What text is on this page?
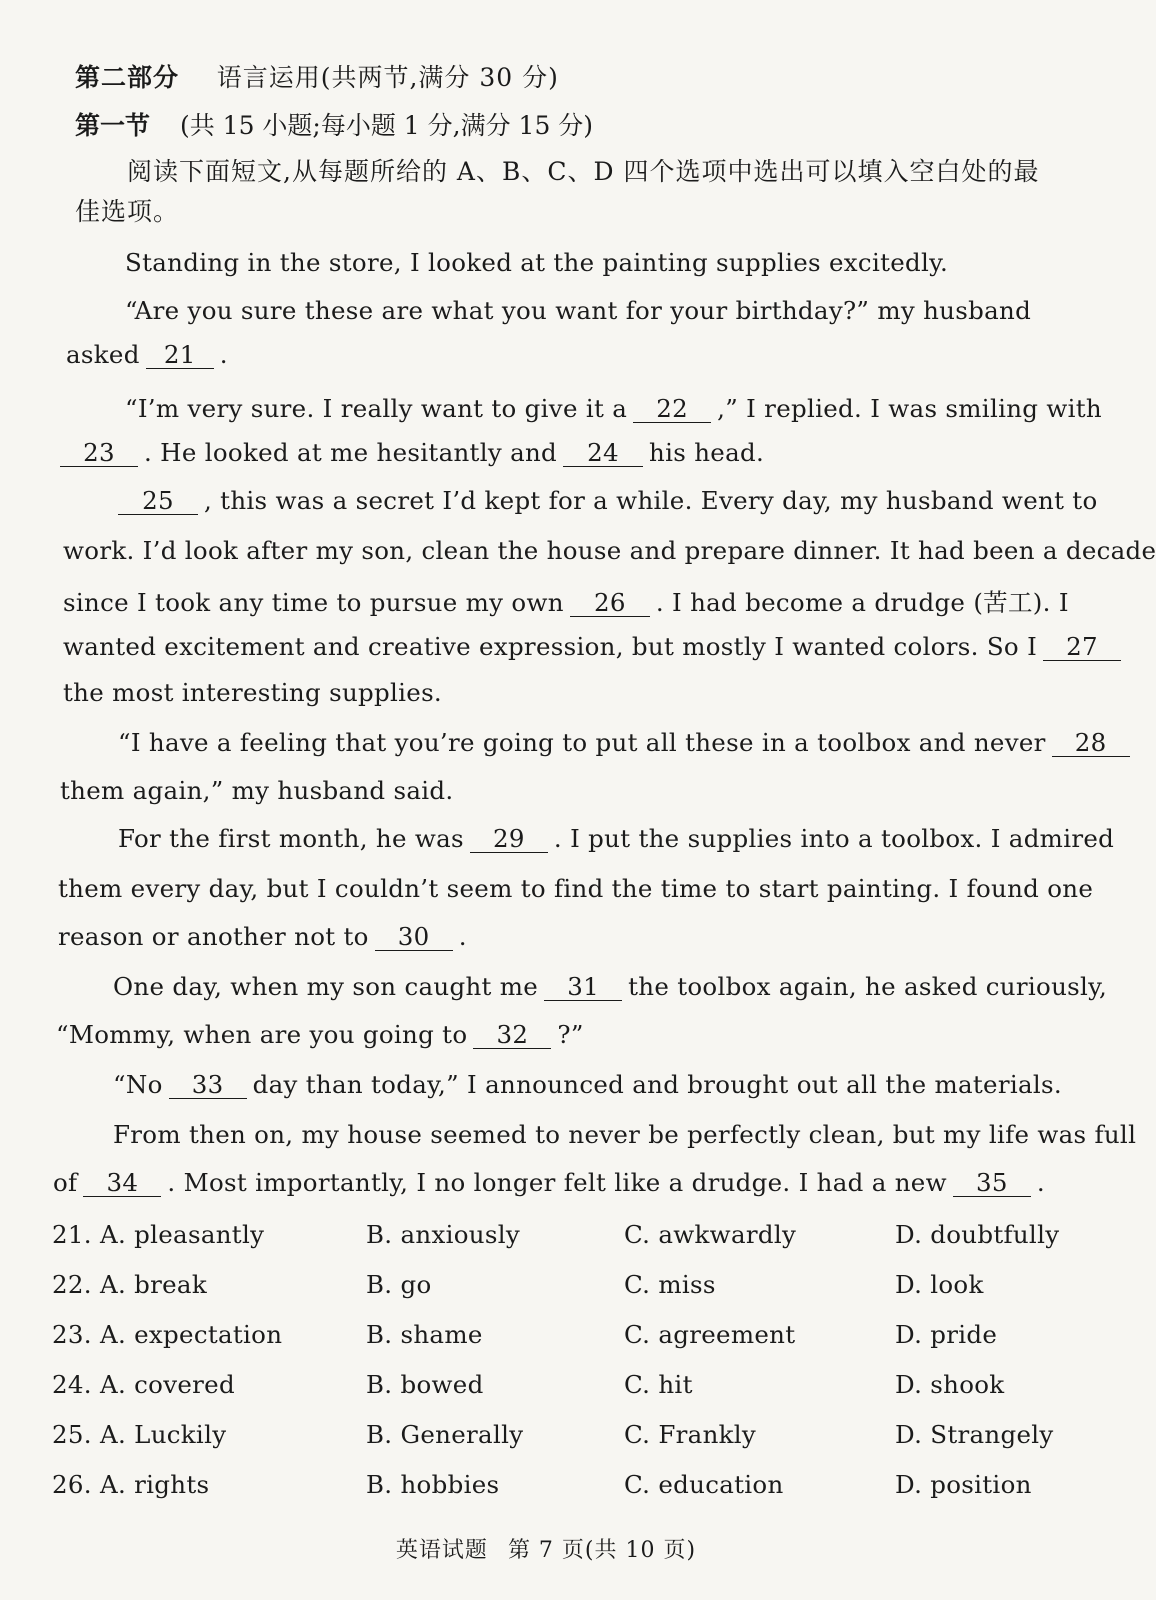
第二部分 语言运用(共两节,满分 30 分)
第一节 (共 15 小题;每小题 1 分,满分 15 分)
阅读下面短文,从每题所给的 A、B、C、D 四个选项中选出可以填入空白处的最佳选项。
Standing in the store, I looked at the painting supplies excitedly.
“Are you sure these are what you want for your birthday?” my husband
asked 21 .
“I’m very sure. I really want to give it a 22 ,” I replied. I was smiling with
23 . He looked at me hesitantly and 24 his head.
25 , this was a secret I’d kept for a while. Every day, my husband went to
work. I’d look after my son, clean the house and prepare dinner. It had been a decade
since I took any time to pursue my own 26 . I had become a drudge (苦工). I
wanted excitement and creative expression, but mostly I wanted colors. So I 27
the most interesting supplies.
“I have a feeling that you’re going to put all these in a toolbox and never 28
them again,” my husband said.
For the first month, he was 29 . I put the supplies into a toolbox. I admired
them every day, but I couldn’t seem to find the time to start painting. I found one
reason or another not to 30 .
One day, when my son caught me 31 the toolbox again, he asked curiously,
“Mommy, when are you going to 32 ?”
“No 33 day than today,” I announced and brought out all the materials.
From then on, my house seemed to never be perfectly clean, but my life was full
of 34 . Most importantly, I no longer felt like a drudge. I had a new 35 .
21. A. pleasantly	B. anxiously	C. awkwardly	D. doubtfully
22. A. break	B. go	C. miss	D. look
23. A. expectation	B. shame	C. agreement	D. pride
24. A. covered	B. bowed	C. hit	D. shook
25. A. Luckily	B. Generally	C. Frankly	D. Strangely
26. A. rights	B. hobbies	C. education	D. position
英语试题 第 7 页(共 10 页)
